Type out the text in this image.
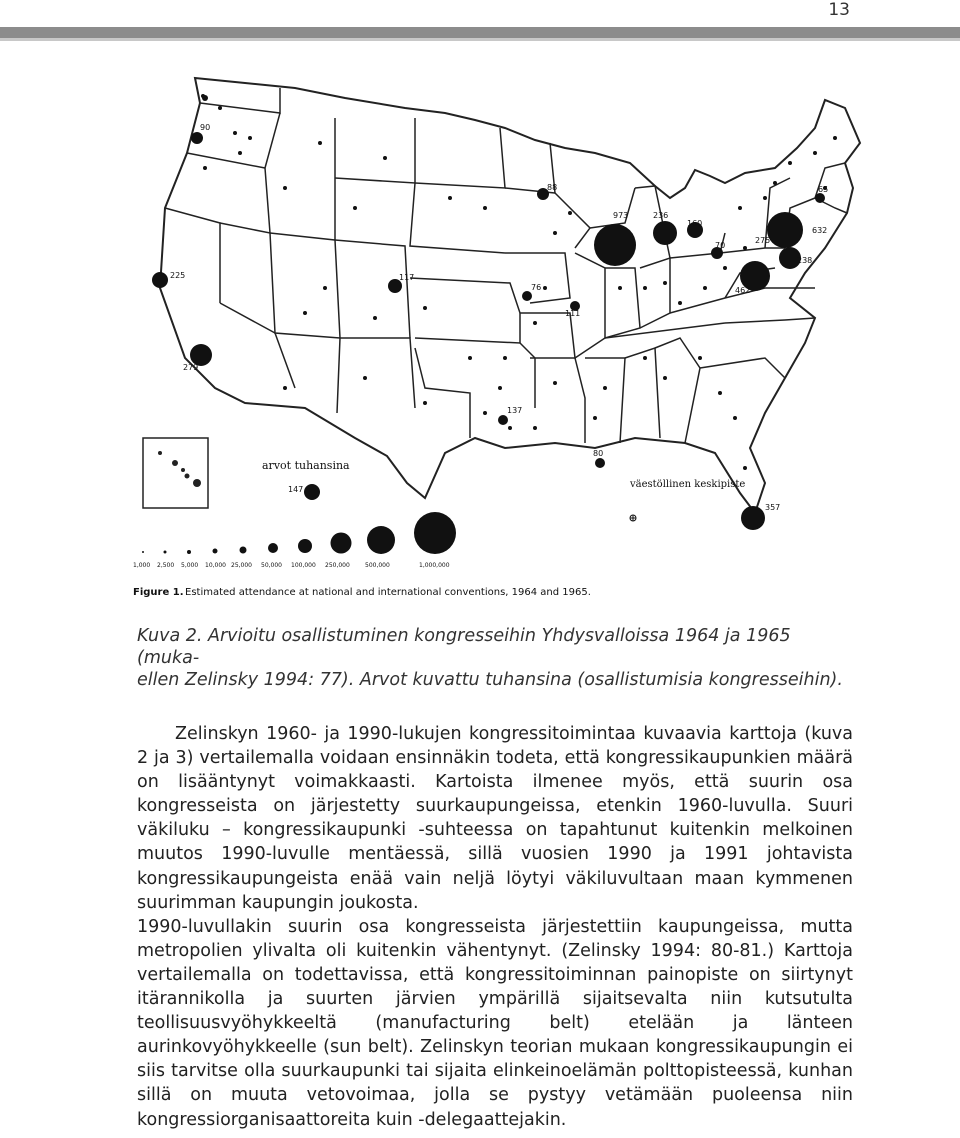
13
90
225
279
117
88
76
111
973	236
160
70
275
632
238
462
137
80
357
147
65
arvot tuhansina
väestöllinen keskipiste
1,000 2,500 5,000 10,000 25,000 50,000 100,000 250,000	500,000	1,000,000
Figure 1. Estimated attendance at national and international conventions, 1964 and 1965.
Kuva 2. Arvioitu osallistuminen kongresseihin Yhdysvalloissa 1964 ja 1965 (muka-
ellen Zelinsky 1994: 77). Arvot kuvattu tuhansina (osallistumisia kongresseihin).

Zelinskyn 1960- ja 1990-lukujen kongressitoimintaa kuvaavia karttoja (kuva 2 ja 3) vertailemalla voidaan ensinnäkin todeta, että kongressikaupunkien määrä on lisääntynyt voimakkaasti. Kartoista ilmenee myös, että suurin osa kongresseista on järjestetty suurkaupungeissa, etenkin 1960-luvulla. Suuri väkiluku – kongressikaupunki -suhteessa on tapahtunut kuitenkin melkoinen muutos 1990-luvulle mentäessä, sillä vuosien 1990 ja 1991 johtavista kongressikaupungeista enää vain neljä löytyi väkiluvultaan maan kymmenen suurimman kaupungin joukosta.

1990-luvullakin suurin osa kongresseista järjestettiin kaupungeissa, mutta metropolien ylivalta oli kuitenkin vähentynyt. (Zelinsky 1994: 80-81.) Karttoja vertailemalla on todettavissa, että kongressitoiminnan painopiste on siirtynyt itärannikolla ja suurten järvien ympärillä sijaitsevalta niin kutsutulta teollisuusvyöhykkeeltä (manufacturing belt) etelään ja länteen aurinkovyöhykkeelle (sun belt). Zelinskyn teorian mukaan kongressikaupungin ei siis tarvitse olla suurkaupunki tai sijaita elinkeinoelämän polttopisteessä, kunhan sillä on muuta vetovoimaa, jolla se pystyy vetämään puoleensa niin kongressiorganisaattoreita kuin -delegaattejakin.
